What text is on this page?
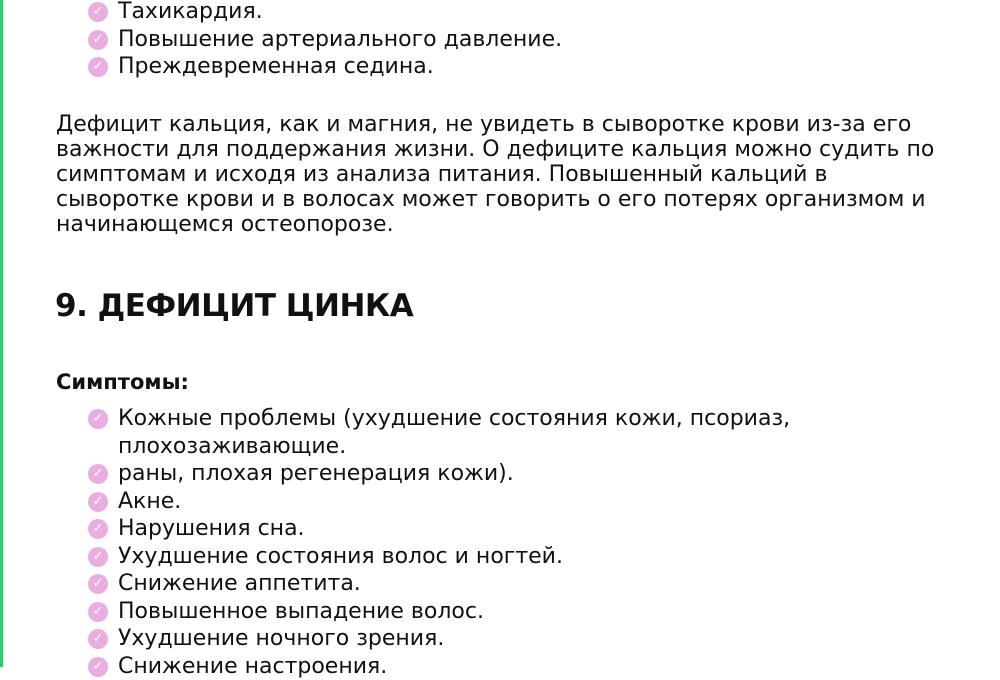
✓ Тахикардия.
✓ Повышение артериального давление.
✓ Преждевременная седина.

Дефицит кальция, как и магния, не увидеть в сыворотке крови из-за его важности для поддержания жизни. О дефиците кальция можно судить по симптомам и исходя из анализа питания. Повышенный кальций в сыворотке крови и в волосах может говорить о его потерях организмом и начинающемся остеопорозе.

9. ДЕФИЦИТ ЦИНКА
Симптомы:
✓ Кожные проблемы (ухудшение состояния кожи, псориаз,
плохозаживающие.
✓ раны, плохая регенерация кожи).
✓ Акне.
✓ Нарушения сна.
✓ Ухудшение состояния волос и ногтей.
✓ Снижение аппетита.
✓ Повышенное выпадение волос.
✓ Ухудшение ночного зрения.
✓ Снижение настроения.
